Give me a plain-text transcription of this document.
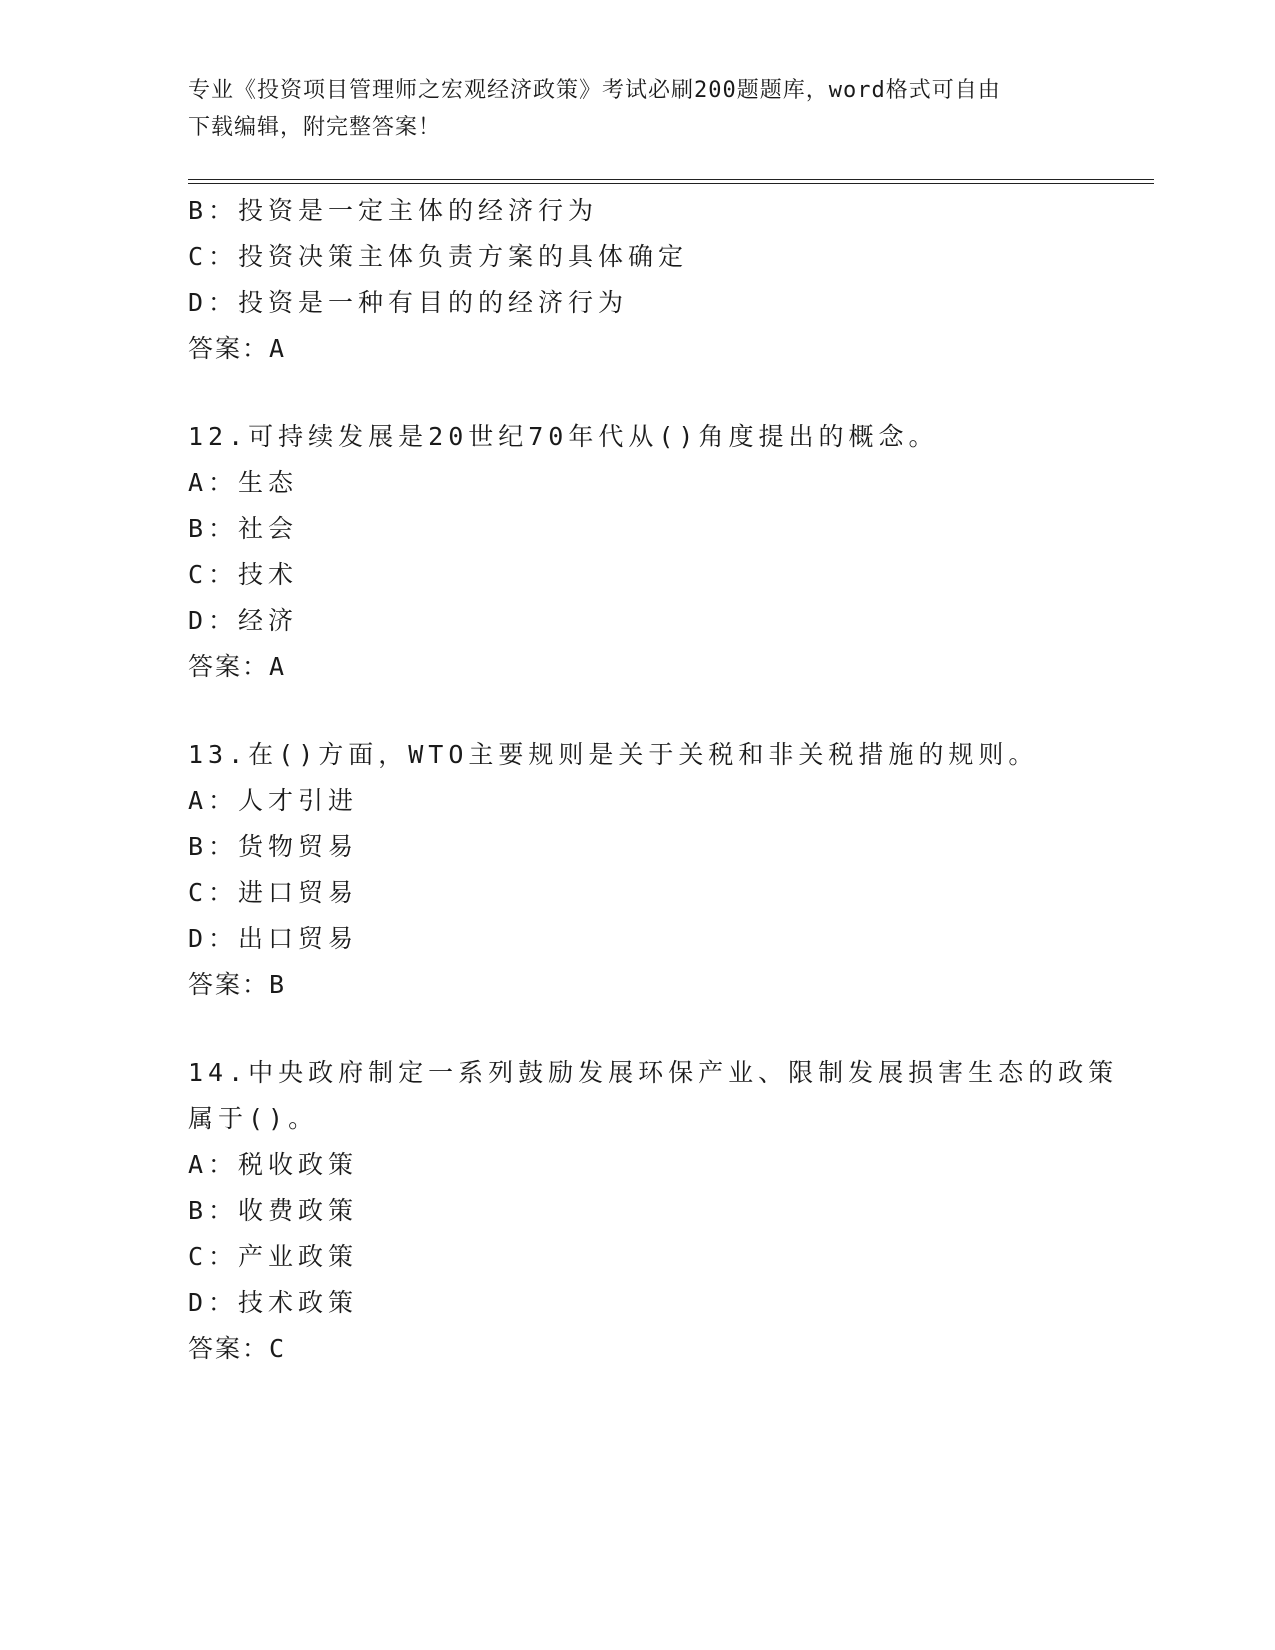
专业《投资项目管理师之宏观经济政策》考试必刷200题题库，word格式可自由
下载编辑，附完整答案！
B：投资是一定主体的经济行为
C：投资决策主体负责方案的具体确定
D：投资是一种有目的的经济行为
答案：A
12.可持续发展是20世纪70年代从()角度提出的概念。
A：生态
B：社会
C：技术
D：经济
答案：A
13.在()方面，WTO主要规则是关于关税和非关税措施的规则。
A：人才引进
B：货物贸易
C：进口贸易
D：出口贸易
答案：B
14.中央政府制定一系列鼓励发展环保产业、限制发展损害生态的政策
属于()。
A：税收政策
B：收费政策
C：产业政策
D：技术政策
答案：C
